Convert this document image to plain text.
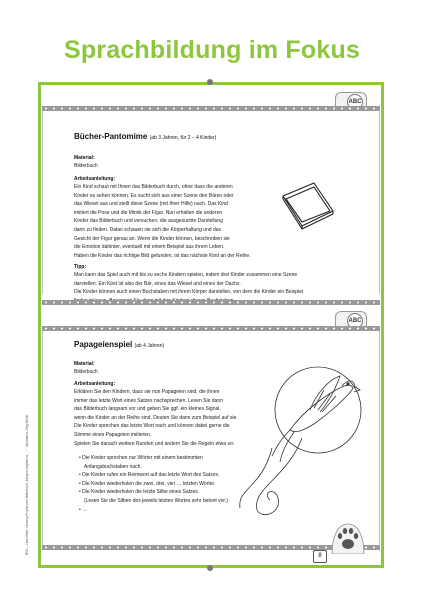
Sprachbildung im Fokus
ABC
Bücher-Pantomime (ab 3 Jahren, für 2 – 4 Kinder)
Material:
Bilderbuch
Arbeitsanleitung:
Ein Kind schaut mit Ihnen das Bilderbuch durch, ohne dass die anderen
Kinder es sehen können. Es sucht sich aus einer Szene den Bären oder
das Wiesel aus und stellt diese Szene (mit Ihrer Hilfe) nach. Das Kind
imitiert die Pose und die Mimik der Figur. Nun erhalten die anderen
Kinder das Bilderbuch und versuchen, die ausgesuchte Darstellung
darin zu finden. Dabei schauen sie sich die Körperhaltung und das
Gesicht der Figur genau an. Wenn die Kinder können, beschreiben sie
die Emotion dahinter, eventuell mit einem Beispiel aus ihrem Leben.
Haben die Kinder das richtige Bild gefunden, ist das nächste Kind an der Reihe.
Tipp:
Man kann das Spiel auch mit bis zu sechs Kindern spielen, indem drei Kinder zusammen eine Szene
darstellen. Ein Kind ist also der Bär, eines das Wiesel und eines der Dachs.
Die Kinder können auch einen Buchstaben mit ihrem Körper darstellen, von dem die Kinder ein Beispiel
ABC
Papageienspiel (ab 4 Jahren)
Material:
Bilderbuch
Arbeitsanleitung:
Erklären Sie den Kindern, dass sie nun Papageien sind, die ihnen
immer das letzte Wort eines Satzes nachsprechen. Lesen Sie dann
das Bilderbuch langsam vor und geben Sie ggf. ein kleines Signal,
wenn die Kinder an der Reihe sind. Deuten Sie dann zum Beispiel auf sie.
Die Kinder sprechen das letzte Wort nach und können dabei gerne die
Stimme eines Papageien imitieren.
Spielen Sie danach weitere Runden und ändern Sie die Regeln etwa so:
• Die Kinder sprechen nur Wörter mit einem bestimmten
Anfangsbuchstaben nach.
• Die Kinder rufen ein Reimwort auf das letzte Wort des Satzes.
• Die Kinder wiederholen die zwei, drei, vier … letzten Wörter.
• Die Kinder wiederholen die letzte Silbe eines Satzes.
(Lesen Sie die Silben des jeweils letzten Wortes sehr betont vor.)
• …
8
BVK – Lara Mode: Literacy-Projekt zum Bilderbuch „Morgen beginnt es …“ · Illustration: Jörg Mühle
